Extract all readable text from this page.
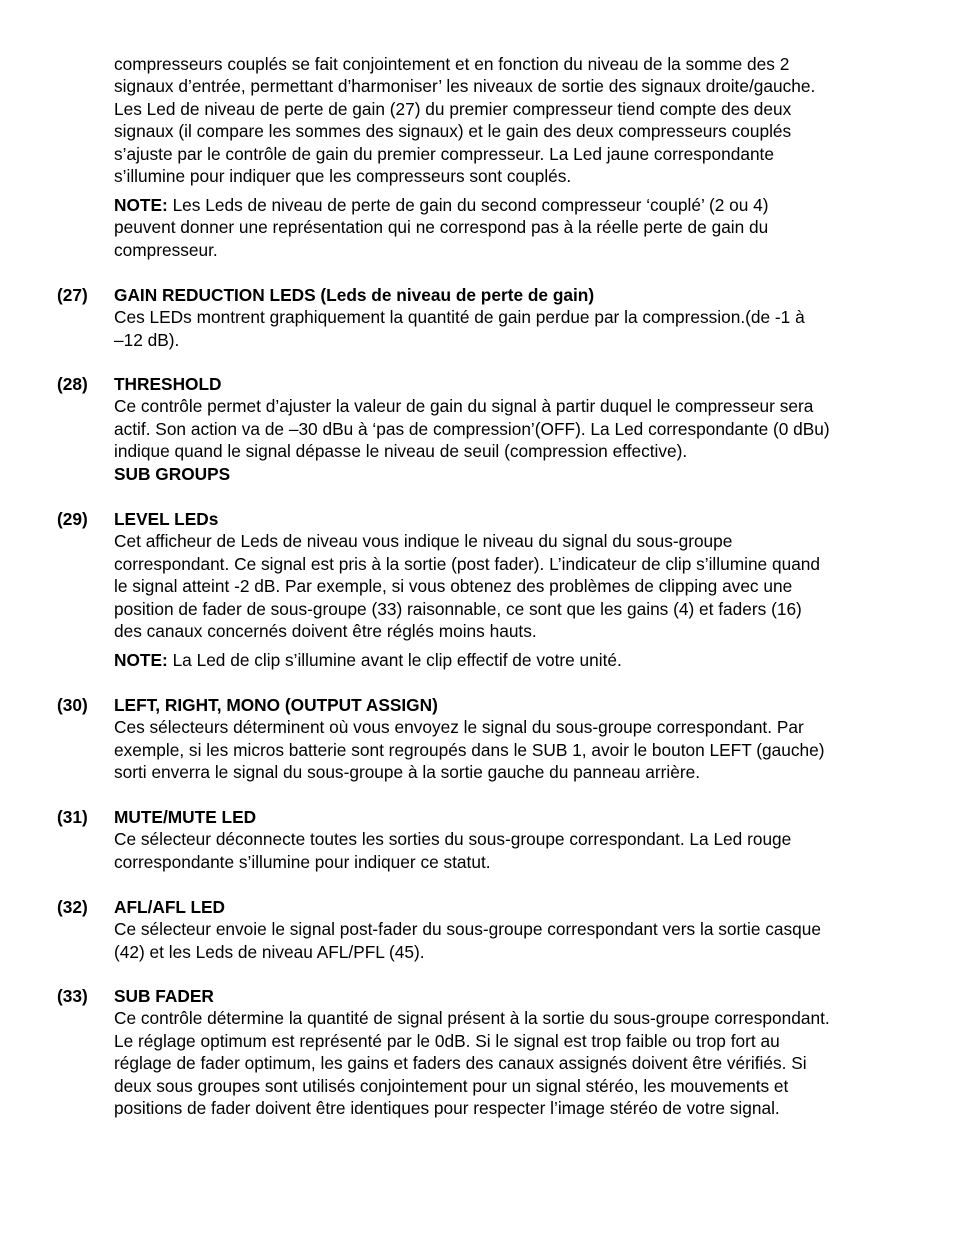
compresseurs couplés se fait conjointement et en fonction du niveau de la somme des 2
signaux d’entrée, permettant d’harmoniser’ les niveaux de sortie des signaux droite/gauche.
Les Led de niveau de perte de gain (27) du premier compresseur tiend compte des deux
signaux (il compare les sommes des signaux) et le gain des deux compresseurs couplés
s’ajuste par le contrôle de gain du premier compresseur. La Led jaune correspondante
s’illumine pour indiquer que les compresseurs sont couplés.
NOTE: Les Leds de niveau de perte de gain du second compresseur ‘couplé’ (2 ou 4)
peuvent donner une représentation qui ne correspond pas à la réelle perte de gain du
compresseur.
(27) GAIN REDUCTION LEDS (Leds de niveau de perte de gain)
Ces LEDs montrent graphiquement la quantité de gain perdue par la compression.(de -1 à
–12 dB).
(28) THRESHOLD
Ce contrôle permet d’ajuster la valeur de gain du signal à partir duquel le compresseur sera
actif. Son action va de –30 dBu à ‘pas de compression’(OFF). La Led correspondante (0 dBu)
indique quand le signal dépasse le niveau de seuil (compression effective).
SUB GROUPS
(29) LEVEL LEDs
Cet afficheur de Leds de niveau vous indique le niveau du signal du sous-groupe
correspondant. Ce signal est pris à la sortie (post fader). L’indicateur de clip s’illumine quand
le signal atteint -2 dB. Par exemple, si vous obtenez des problèmes de clipping avec une
position de fader de sous-groupe (33) raisonnable, ce sont que les gains (4) et faders (16)
des canaux concernés doivent être réglés moins hauts.
NOTE: La Led de clip s’illumine avant le clip effectif de votre unité.
(30) LEFT, RIGHT, MONO (OUTPUT ASSIGN)
Ces sélecteurs déterminent où vous envoyez le signal du sous-groupe correspondant. Par
exemple, si les micros batterie sont regroupés dans le SUB 1, avoir le bouton LEFT (gauche)
sorti enverra le signal du sous-groupe à la sortie gauche du panneau arrière.
(31) MUTE/MUTE LED
Ce sélecteur déconnecte toutes les sorties du sous-groupe correspondant. La Led rouge
correspondante s’illumine pour indiquer ce statut.
(32) AFL/AFL LED
Ce sélecteur envoie le signal post-fader du sous-groupe correspondant vers la sortie casque
(42) et les Leds de niveau AFL/PFL (45).
(33) SUB FADER
Ce contrôle détermine la quantité de signal présent à la sortie du sous-groupe correspondant.
Le réglage optimum est représenté par le 0dB. Si le signal est trop faible ou trop fort au
réglage de fader optimum, les gains et faders des canaux assignés doivent être vérifiés. Si
deux sous groupes sont utilisés conjointement pour un signal stéréo, les mouvements et
positions de fader doivent être identiques pour respecter l’image stéréo de votre signal.
